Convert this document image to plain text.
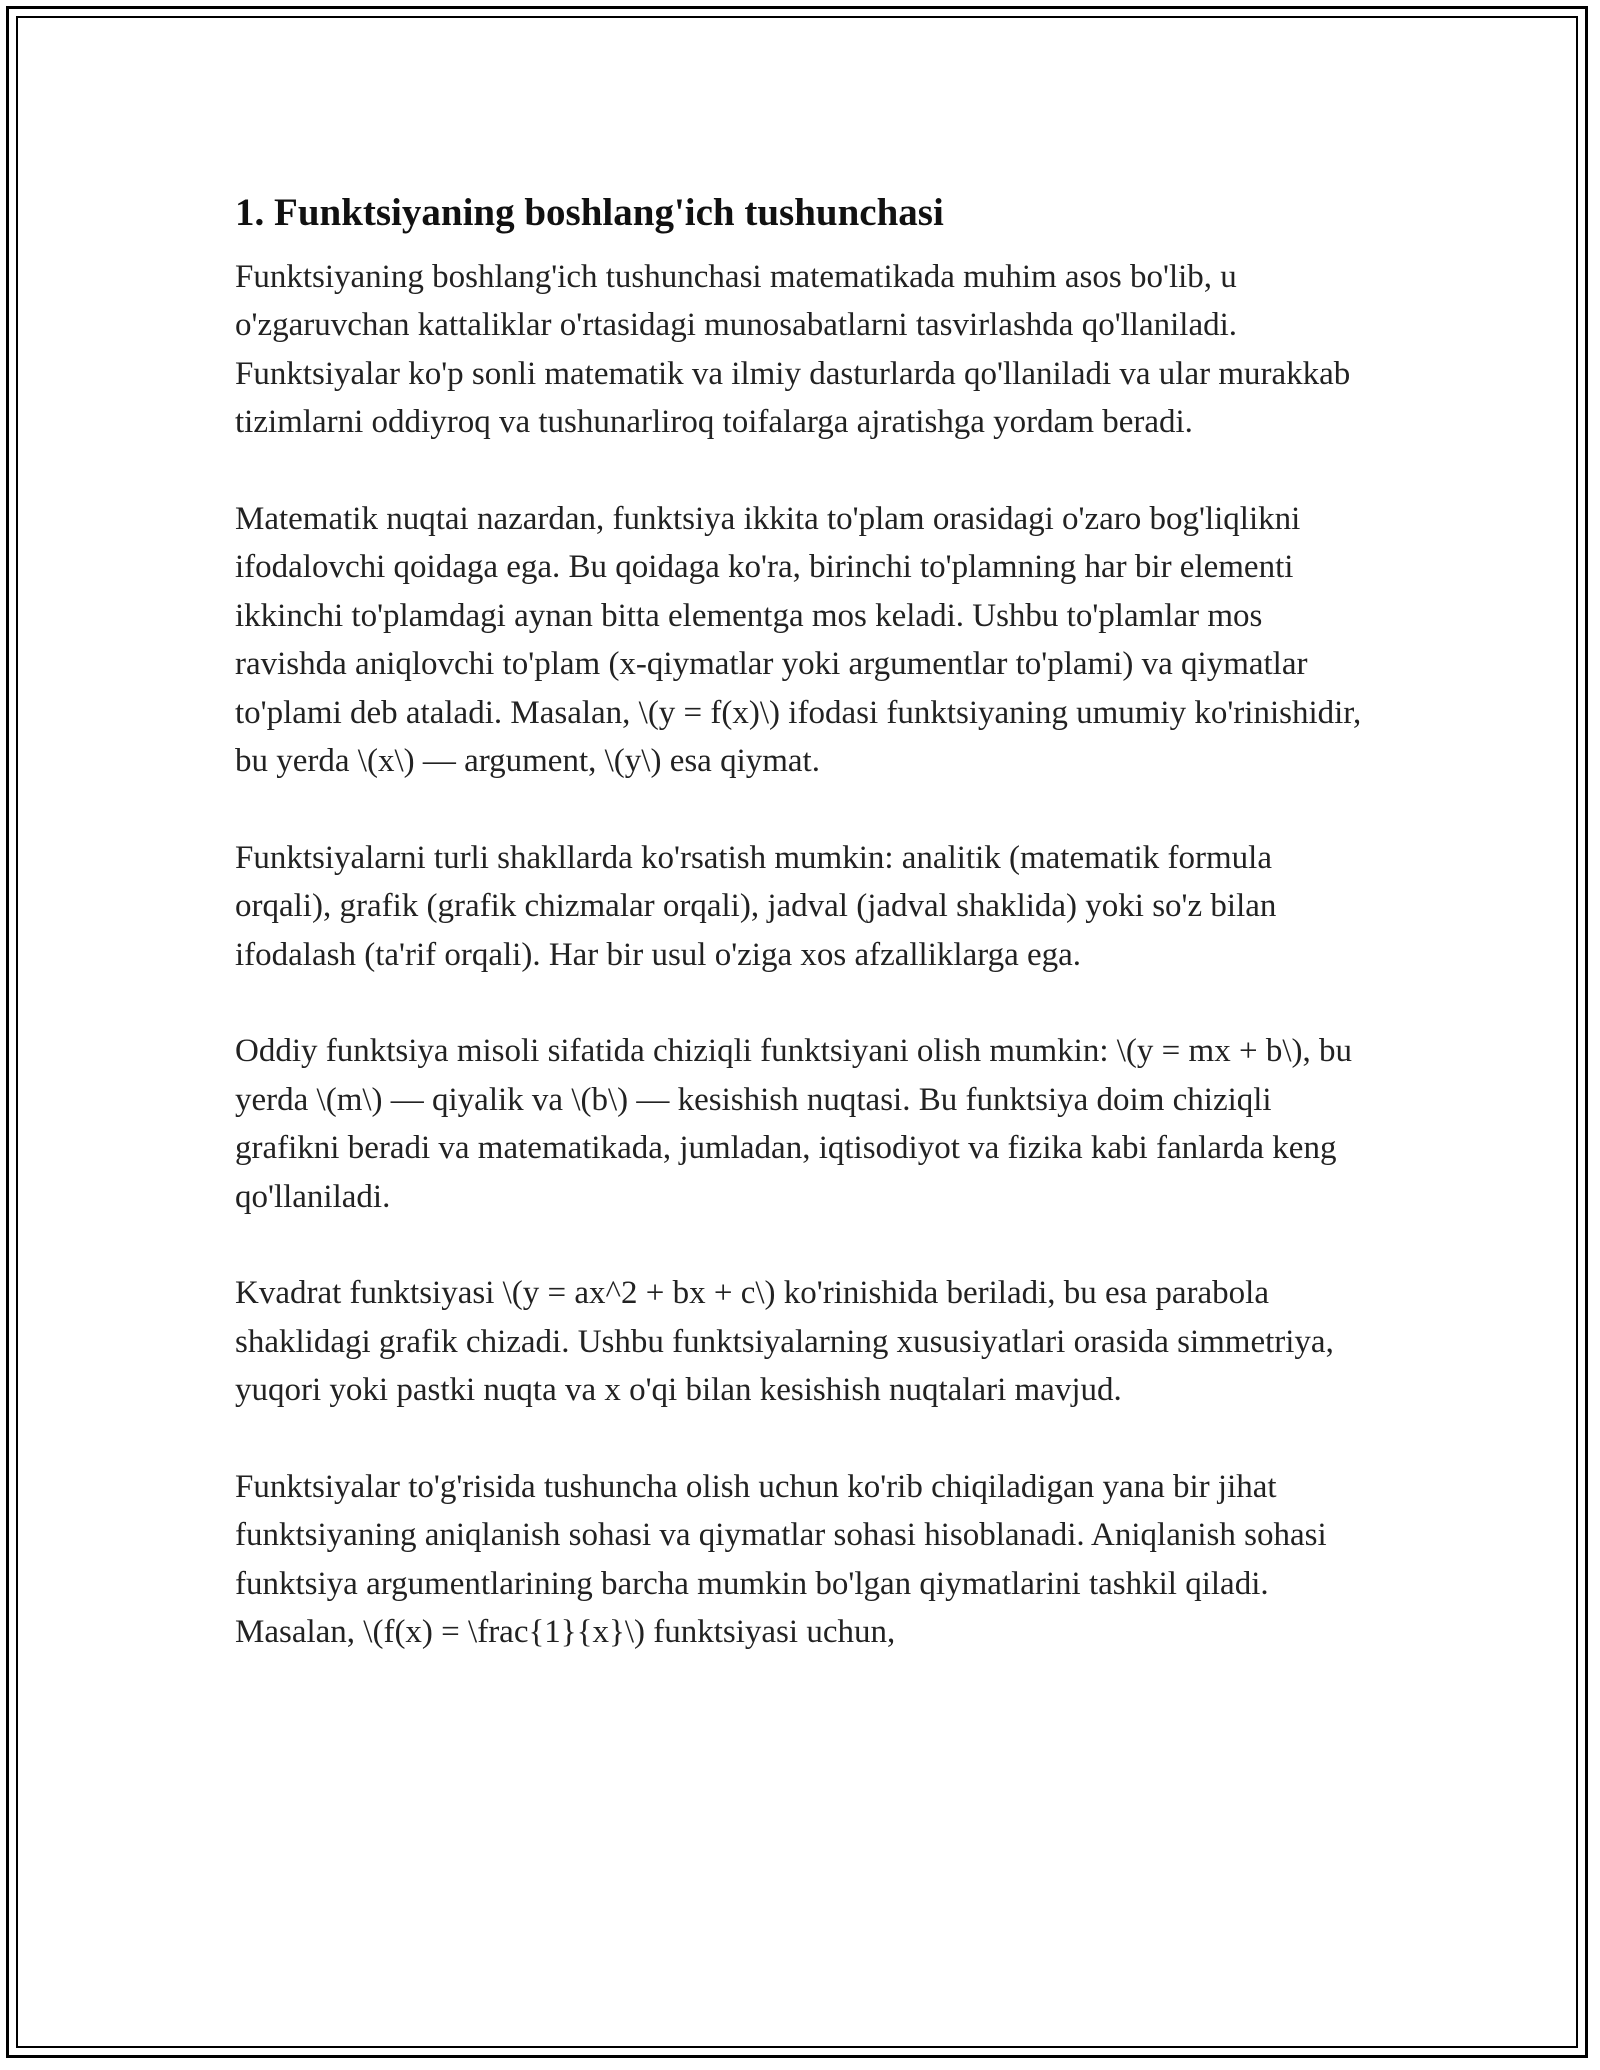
1. Funktsiyaning boshlang'ich tushunchasi

Funktsiyaning boshlang'ich tushunchasi matematikada muhim asos bo'lib, u o'zgaruvchan kattaliklar o'rtasidagi munosabatlarni tasvirlashda qo'llaniladi. Funktsiyalar ko'p sonli matematik va ilmiy dasturlarda qo'llaniladi va ular murakkab tizimlarni oddiyroq va tushunarliroq toifalarga ajratishga yordam beradi.

Matematik nuqtai nazardan, funktsiya ikkita to'plam orasidagi o'zaro bog'liqlikni ifodalovchi qoidaga ega. Bu qoidaga ko'ra, birinchi to'plamning har bir elementi ikkinchi to'plamdagi aynan bitta elementga mos keladi. Ushbu to'plamlar mos ravishda aniqlovchi to'plam (x-qiymatlar yoki argumentlar to'plami) va qiymatlar to'plami deb ataladi. Masalan, \(y = f(x)\) ifodasi funktsiyaning umumiy ko'rinishidir, bu yerda \(x\) — argument, \(y\) esa qiymat.

Funktsiyalarni turli shakllarda ko'rsatish mumkin: analitik (matematik formula orqali), grafik (grafik chizmalar orqali), jadval (jadval shaklida) yoki so'z bilan ifodalash (ta'rif orqali). Har bir usul o'ziga xos afzalliklarga ega.

Oddiy funktsiya misoli sifatida chiziqli funktsiyani olish mumkin: \(y = mx + b\), bu yerda \(m\) — qiyalik va \(b\) — kesishish nuqtasi. Bu funktsiya doim chiziqli grafikni beradi va matematikada, jumladan, iqtisodiyot va fizika kabi fanlarda keng qo'llaniladi.

Kvadrat funktsiyasi \(y = ax^2 + bx + c\) ko'rinishida beriladi, bu esa parabola shaklidagi grafik chizadi. Ushbu funktsiyalarning xususiyatlari orasida simmetriya, yuqori yoki pastki nuqta va x o'qi bilan kesishish nuqtalari mavjud.

Funktsiyalar to'g'risida tushuncha olish uchun ko'rib chiqiladigan yana bir jihat funktsiyaning aniqlanish sohasi va qiymatlar sohasi hisoblanadi. Aniqlanish sohasi funktsiya argumentlarining barcha mumkin bo'lgan qiymatlarini tashkil qiladi. Masalan, \(f(x) = \frac{1}{x}\) funktsiyasi uchun,
